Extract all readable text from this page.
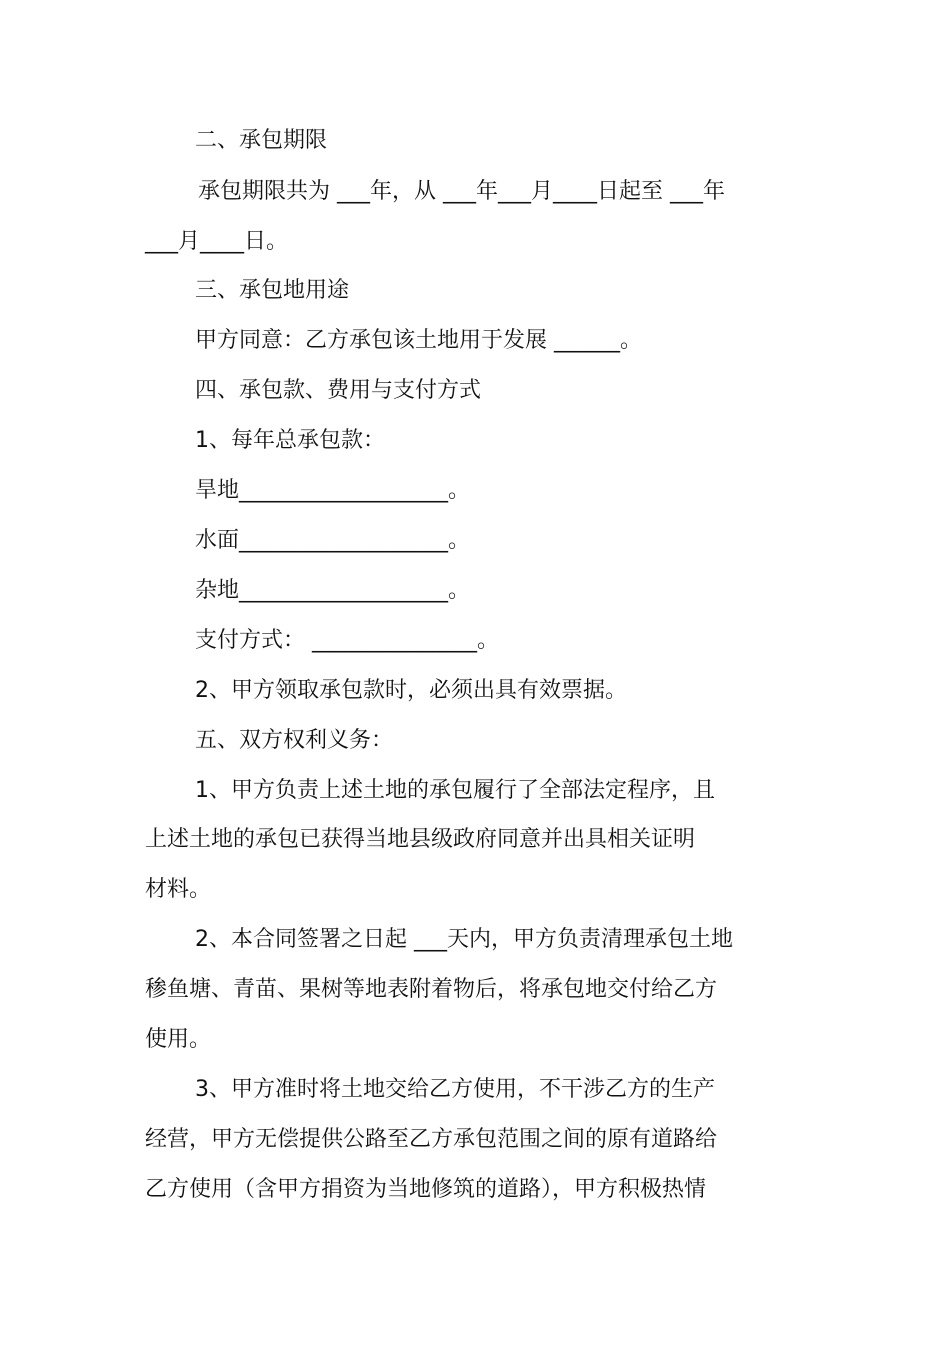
二、承包期限
承包期限共为 ___年，从 ___年___月____日起至 ___年
___月____日。
三、承包地用途
甲方同意：乙方承包该土地用于发展 ______。
四、承包款、费用与支付方式
1、每年总承包款：
旱地___________________。
水面___________________。
杂地___________________。
支付方式： _______________。
2、甲方领取承包款时，必须出具有效票据。
五、双方权利义务：
1、甲方负责上述土地的承包履行了全部法定程序，且
上述土地的承包已获得当地县级政府同意并出具相关证明
材料。
2、本合同签署之日起 ___天内，甲方负责清理承包土地
䅟鱼塘、青苗、果树等地表附着物后，将承包地交付给乙方
使用。
3、甲方准时将土地交给乙方使用，不干涉乙方的生产
经营，甲方无偿提供公路至乙方承包范围之间的原有道路给
乙方使用（含甲方捐资为当地修筑的道路），甲方积极热情
